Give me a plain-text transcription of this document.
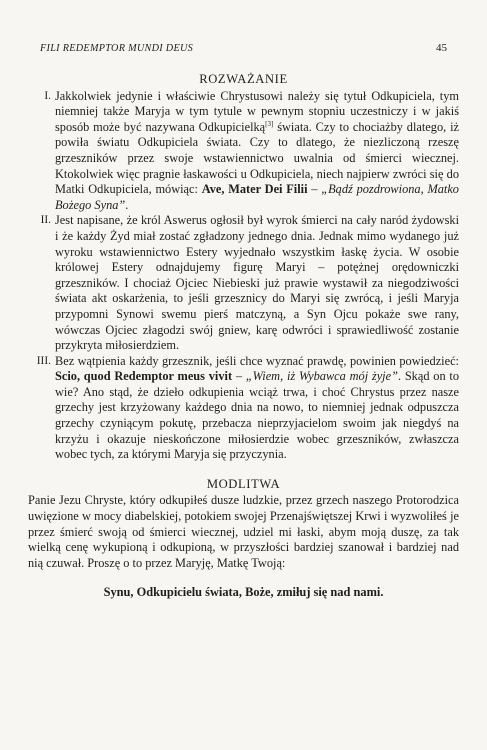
FILI REDEMPTOR MUNDI DEUS	45
ROZWAŻANIE
I. Jakkolwiek jedynie i właściwie Chrystusowi należy się tytuł Odkupiciela, tym niemniej także Maryja w tym tytule w pewnym stopniu uczestniczy i w jakiś sposób może być nazywana Odkupicielką[3] świata. Czy to chociażby dlatego, iż powiła światu Odkupiciela świata. Czy to dlatego, że niezliczoną rzeszę grzeszników przez swoje wstawiennictwo uwalnia od śmierci wiecznej. Ktokolwiek więc pragnie łaskawości u Odkupiciela, niech najpierw zwróci się do Matki Odkupiciela, mówiąc: Ave, Mater Dei Filii – „Bądź pozdrowiona, Matko Bożego Syna”.
II. Jest napisane, że król Aswerus ogłosił był wyrok śmierci na cały naród żydowski i że każdy Żyd miał zostać zgładzony jednego dnia. Jednak mimo wydanego już wyroku wstawiennictwo Estery wyjednało wszystkim łaskę życia. W osobie królowej Estery odnajdujemy figurę Maryi – potężnej orędowniczki grzeszników. I chociaż Ojciec Niebieski już prawie wystawił za niegodziwości świata akt oskarżenia, to jeśli grzesznicy do Maryi się zwrócą, i jeśli Maryja przypomni Synowi swemu pierś matczyną, a Syn Ojcu pokaże swe rany, wówczas Ojciec złagodzi swój gniew, karę odwróci i sprawiedliwość zostanie przykryta miłosierdziem.
III. Bez wątpienia każdy grzesznik, jeśli chce wyznać prawdę, powinien powiedzieć: Scio, quod Redemptor meus vivit – „Wiem, iż Wybawca mój żyje”. Skąd on to wie? Ano stąd, że dzieło odkupienia wciąż trwa, i choć Chrystus przez nasze grzechy jest krzyżowany każdego dnia na nowo, to niemniej jednak odpuszcza grzechy czyniącym pokutę, przebacza nieprzyjacielom swoim jak niegdyś na krzyżu i okazuje nieskończone miłosierdzie wobec grzeszników, zwłaszcza wobec tych, za którymi Maryja się przyczynia.
MODLITWA
Panie Jezu Chryste, który odkupiłeś dusze ludzkie, przez grzech naszego Protorodzica uwięzione w mocy diabelskiej, potokiem swojej Przenajświętszej Krwi i wyzwoliłeś je przez śmierć swoją od śmierci wiecznej, udziel mi łaski, abym moją duszę, za tak wielką cenę wykupioną i odkupioną, w przyszłości bardziej szanował i bardziej nad nią czuwał. Proszę o to przez Maryję, Matkę Twoją:
Synu, Odkupicielu świata, Boże, zmiłuj się nad nami.
